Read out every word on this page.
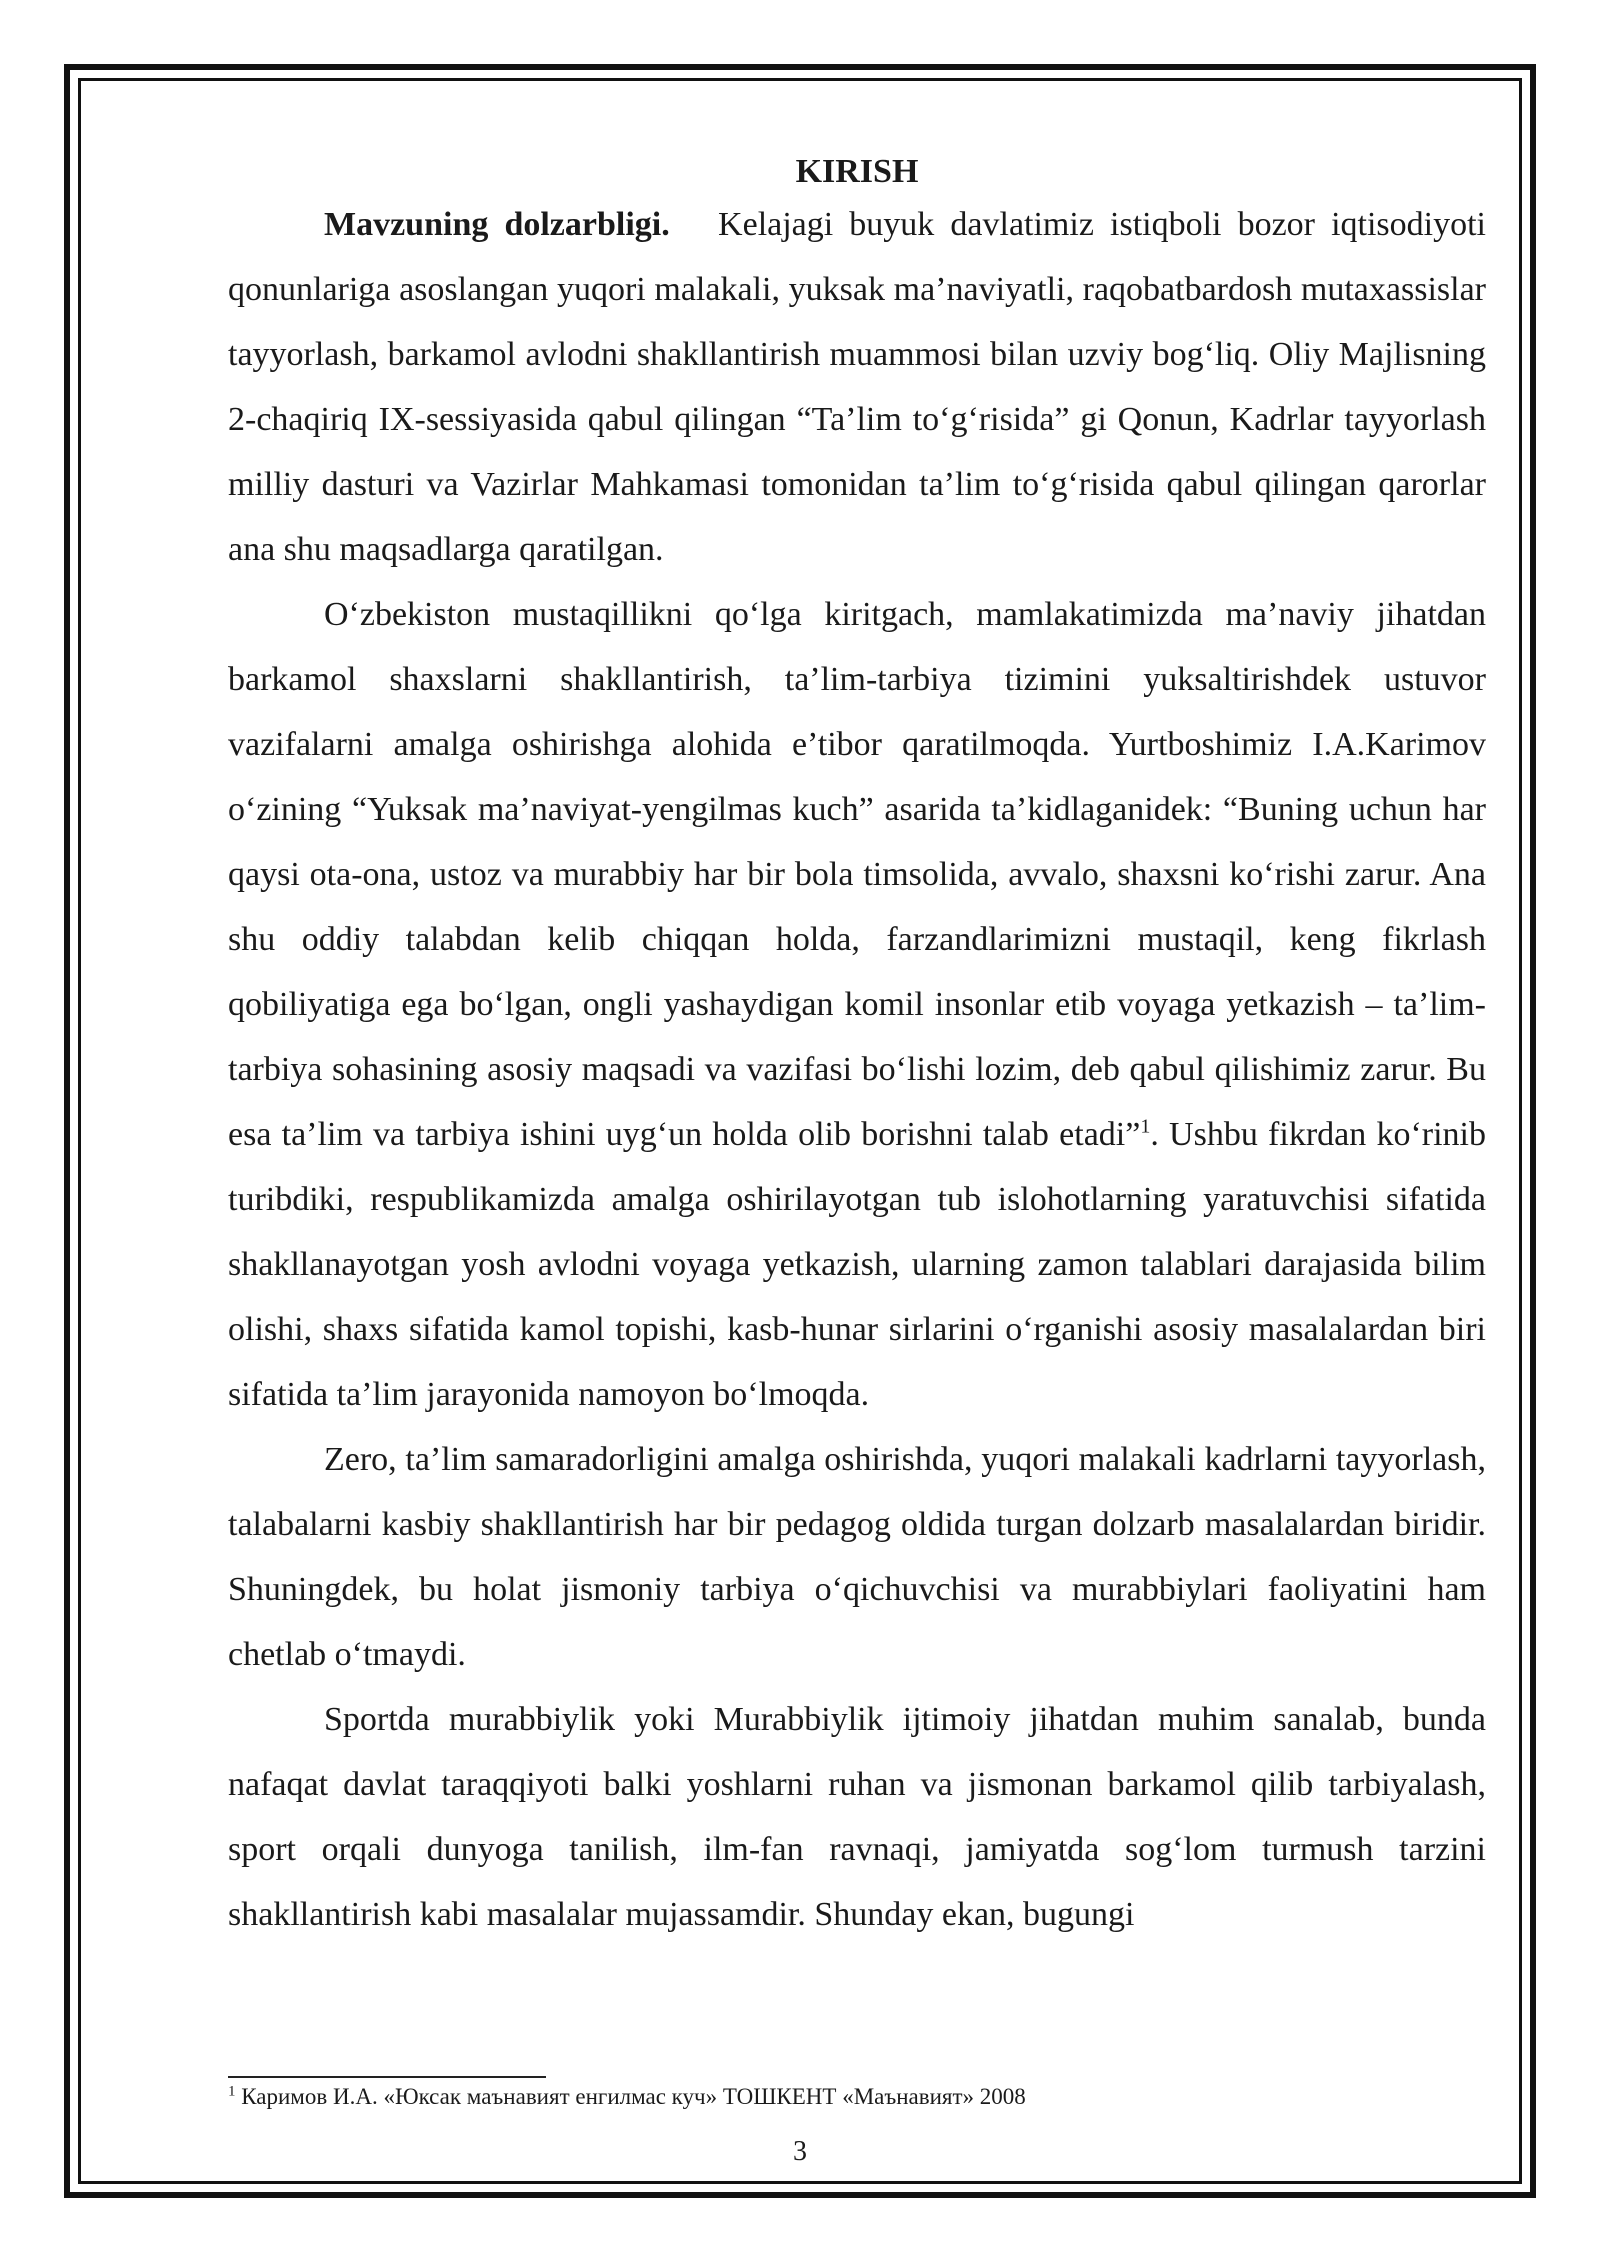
KIRISH

Mavzuning dolzarbligi. Kelajagi buyuk davlatimiz istiqboli bozor iqtisodiyoti qonunlariga asoslangan yuqori malakali, yuksak ma’naviyatli, raqobatbardosh mutaxassislar tayyorlash, barkamol avlodni shakllantirish muammosi bilan uzviy bog‘liq. Oliy Majlisning 2-chaqiriq IX-sessiyasida qabul qilingan “Ta’lim to‘g‘risida” gi Qonun, Kadrlar tayyorlash milliy dasturi va Vazirlar Mahkamasi tomonidan ta’lim to‘g‘risida qabul qilingan qarorlar ana shu maqsadlarga qaratilgan.

O‘zbekiston mustaqillikni qo‘lga kiritgach, mamlakatimizda ma’naviy jihatdan barkamol shaxslarni shakllantirish, ta’lim-tarbiya tizimini yuksaltirishdek ustuvor vazifalarni amalga oshirishga alohida e’tibor qaratilmoqda. Yurtboshimiz I.A.Karimov o‘zining “Yuksak ma’naviyat-yengilmas kuch” asarida ta’kidlaganidek: “Buning uchun har qaysi ota-ona, ustoz va murabbiy har bir bola timsolida, avvalo, shaxsni ko‘rishi zarur. Ana shu oddiy talabdan kelib chiqqan holda, farzandlarimizni mustaqil, keng fikrlash qobiliyatiga ega bo‘lgan, ongli yashaydigan komil insonlar etib voyaga yetkazish – ta’lim-tarbiya sohasining asosiy maqsadi va vazifasi bo‘lishi lozim, deb qabul qilishimiz zarur. Bu esa ta’lim va tarbiya ishini uyg‘un holda olib borishni talab etadi”$^1$. Ushbu fikrdan ko‘rinib turibdiki, respublikamizda amalga oshirilayotgan tub islohotlarning yaratuvchisi sifatida shakllanayotgan yosh avlodni voyaga yetkazish, ularning zamon talablari darajasida bilim olishi, shaxs sifatida kamol topishi, kasb-hunar sirlarini o‘rganishi asosiy masalalardan biri sifatida ta’lim jarayonida namoyon bo‘lmoqda.

Zero, ta’lim samaradorligini amalga oshirishda, yuqori malakali kadrlarni tayyorlash, talabalarni kasbiy shakllantirish har bir pedagog oldida turgan dolzarb masalalardan biridir. Shuningdek, bu holat jismoniy tarbiya o‘qichuvchisi va murabbiylari faoliyatini ham chetlab o‘tmaydi.

Sportda murabbiylik yoki Murabbiylik ijtimoiy jihatdan muhim sanalab, bunda nafaqat davlat taraqqiyoti balki yoshlarni ruhan va jismonan barkamol qilib tarbiyalash, sport orqali dunyoga tanilish, ilm-fan ravnaqi, jamiyatda sog‘lom turmush tarzini shakllantirish kabi masalalar mujassamdir. Shunday ekan, bugungi

$^1$ Каримов И.А. «Юксак маънавият енгилмас куч» ТОШКЕНТ «Маънавият» 2008
3
